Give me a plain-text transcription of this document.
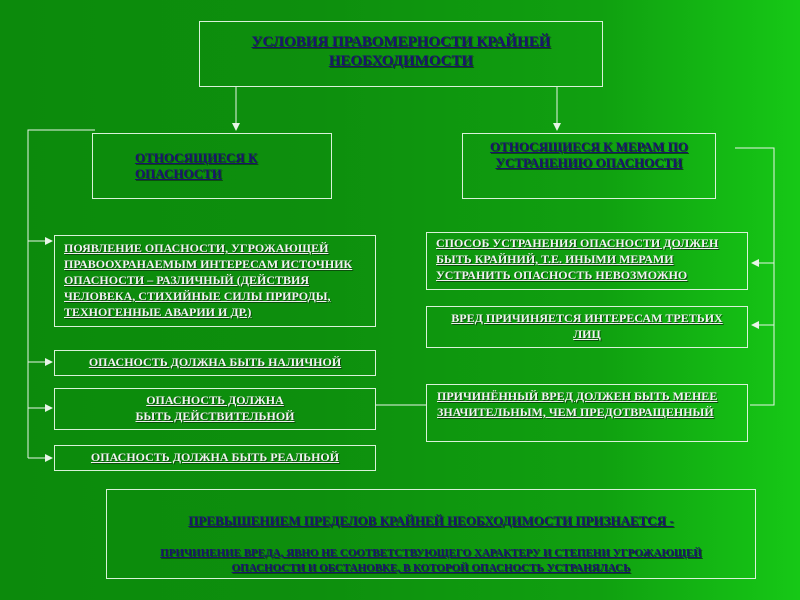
УСЛОВИЯ ПРАВОМЕРНОСТИ КРАЙНЕЙ НЕОБХОДИМОСТИ
ОТНОСЯЩИЕСЯ К ОПАСНОСТИ
ОТНОСЯЩИЕСЯ К МЕРАМ ПО УСТРАНЕНИЮ ОПАСНОСТИ
ПОЯВЛЕНИЕ ОПАСНОСТИ, УГРОЖАЮЩЕЙ ПРАВООХРАНАЕМЫМ ИНТЕРЕСАМ ИСТОЧНИК ОПАСНОСТИ – РАЗЛИЧНЫЙ (ДЕЙСТВИЯ ЧЕЛОВЕКА, СТИХИЙНЫЕ СИЛЫ ПРИРОДЫ, ТЕХНОГЕННЫЕ АВАРИИ И ДР.)
ОПАСНОСТЬ ДОЛЖНА БЫТЬ НАЛИЧНОЙ
ОПАСНОСТЬ ДОЛЖНА БЫТЬ ДЕЙСТВИТЕЛЬНОЙ
ОПАСНОСТЬ ДОЛЖНА БЫТЬ РЕАЛЬНОЙ
СПОСОБ УСТРАНЕНИЯ ОПАСНОСТИ ДОЛЖЕН БЫТЬ КРАЙНИЙ, Т.Е. ИНЫМИ МЕРАМИ УСТРАНИТЬ ОПАСНОСТЬ НЕВОЗМОЖНО
ВРЕД ПРИЧИНЯЕТСЯ ИНТЕРЕСАМ ТРЕТЬИХ ЛИЦ
ПРИЧИНЁННЫЙ ВРЕД ДОЛЖЕН БЫТЬ МЕНЕЕ ЗНАЧИТЕЛЬНЫМ, ЧЕМ ПРЕДОТВРАЩЕННЫЙ
ПРЕВЫШЕНИЕМ ПРЕДЕЛОВ КРАЙНЕЙ НЕОБХОДИМОСТИ ПРИЗНАЕТСЯ -
ПРИЧИНЕНИЕ ВРЕДА, ЯВНО НЕ СООТВЕТСТВУЮЩЕГО ХАРАКТЕРУ И СТЕПЕНИ УГРОЖАЮЩЕЙ ОПАСНОСТИ И ОБСТАНОВКЕ, В КОТОРОЙ ОПАСНОСТЬ УСТРАНЯЛАСЬ
